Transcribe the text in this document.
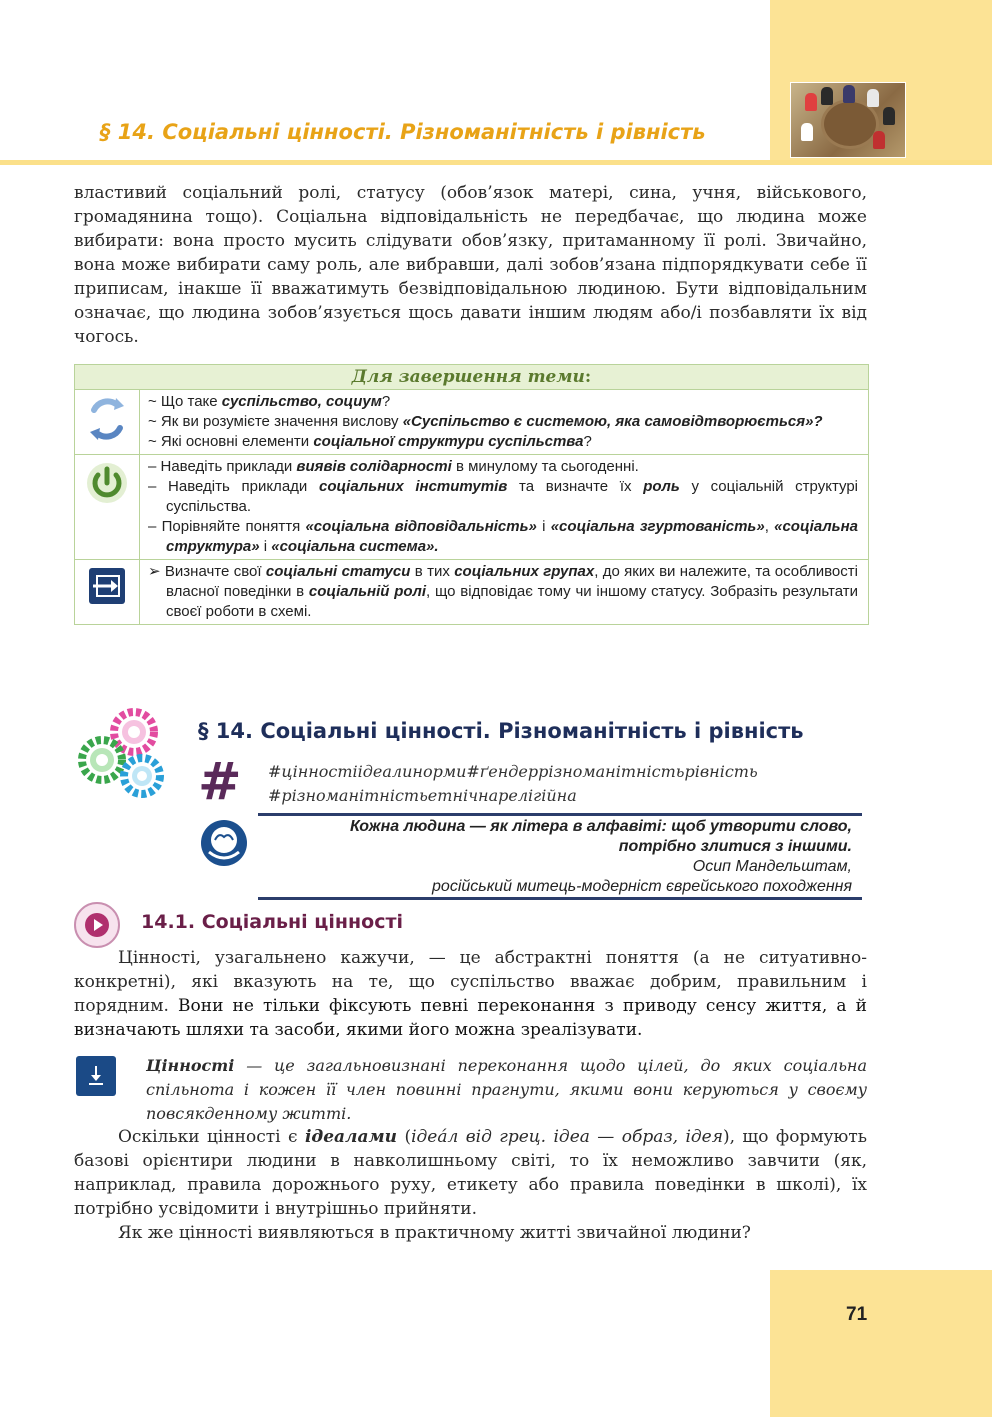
§ 14. Соціальні цінності. Різноманітність і рівність
властивий соціальний ролі, статусу (обов’язок матері, сина, учня, військового, громадянина тощо). Соціальна відповідальність не передбачає, що людина може вибирати: вона просто мусить слідувати обов’язку, притаманному її ролі. Звичайно, вона може вибирати саму роль, але вибравши, далі зобов’язана підпорядкувати себе її приписам, інакше її вважатимуть безвідповідальною людиною. Бути відповідальним означає, що людина зобов’язується щось давати іншим людям або/і позбавляти їх від чогось.
Для завершення теми:

~ Що таке суспільство, социум?

~ Як ви розумієте значення вислову «Суспільство є системою, яка самовідтворюється»?

~ Які основні елементи соціальної структури суспільства?

– Наведіть приклади виявів солідарності в минулому та сьогоденні.

– Наведіть приклади соціальних інститутів та визначте їх роль у соціальній структурі суспільства.

– Порівняйте поняття «соціальна відповідальність» і «соціальна згуртованість», «соціальна структура» і «соціальна система».

➢ Визначте свої соціальні статуси в тих соціальних групах, до яких ви належите, та особливості власної поведінки в соціальній ролі, що відповідає тому чи іншому статусу. Зобразіть результати своєї роботи в схемі.

§ 14. Соціальні цінності. Різноманітність і рівність
# #цінностіідеалинорми#ґендеррізноманітністьрівність
#різноманітністьетнічнарелігійна
Кожна людина — як літера в алфавіті: щоб утворити слово,
потрібно злитися з іншими.
Осип Мандельштам,
російський митець-модерніст єврейського походження
14.1. Соціальні цінності

Цінності, узагальнено кажучи, — це абстрактні поняття (а не ситуативно-конкретні), які вказують на те, що суспільство вважає добрим, правильним і порядним. Вони не тільки фіксують певні переконання з приводу сенсу життя, а й визначають шляхи та засоби, якими його можна зреалізувати.

Цінності — це загальновизнані переконання щодо цілей, до яких соціальна спільнота і кожен її член повинні прагнути, якими вони керуються у своєму повсякденному житті.

Оскільки цінності є ідеалами (ідеа́л від грец. ідеа — образ, ідея), що формують базові орієнтири людини в навколишньому світі, то їх неможливо завчити (як, наприклад, правила дорожнього руху, етикету або правила поведінки в школі), їх потрібно усвідомити і внутрішньо прийняти.

Як же цінності виявляються в практичному житті звичайної людини?

71
